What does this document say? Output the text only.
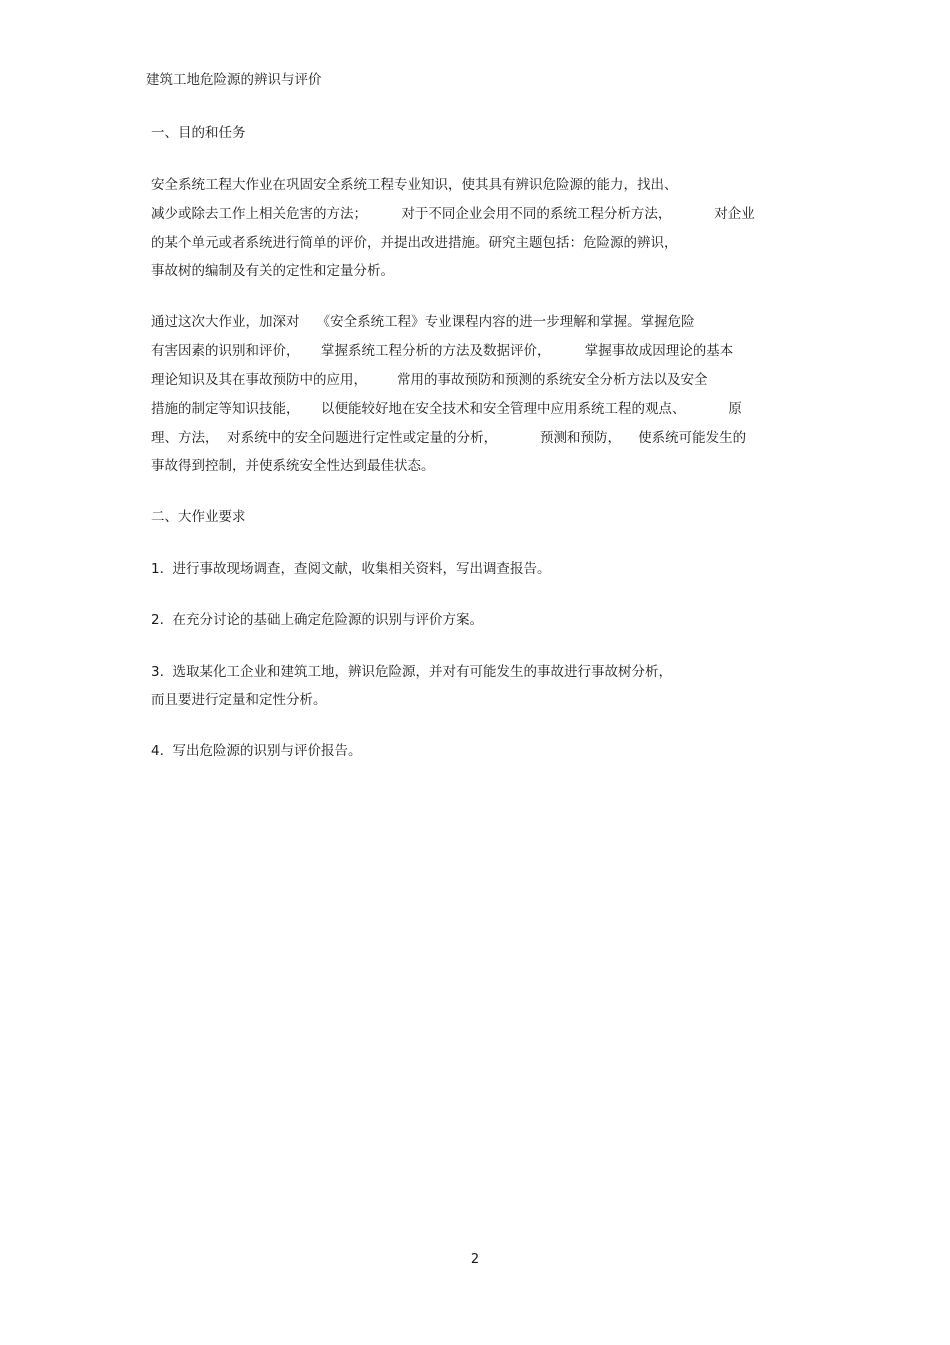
建筑工地危险源的辨识与评价
一、目的和任务
安全系统工程大作业在巩固安全系统工程专业知识，使其具有辨识危险源的能力，找出、
减少或除去工作上相关危害的方法；        对于不同企业会用不同的系统工程分析方法，          对企业
的某个单元或者系统进行简单的评价，并提出改进措施。研究主题包括：危险源的辨识，
事故树的编制及有关的定性和定量分析。
通过这次大作业，加深对    《安全系统工程》专业课程内容的进一步理解和掌握。掌握危险
有害因素的识别和评价，     掌握系统工程分析的方法及数据评价，        掌握事故成因理论的基本
理论知识及其在事故预防中的应用，       常用的事故预防和预测的系统安全分析方法以及安全
措施的制定等知识技能，     以便能较好地在安全技术和安全管理中应用系统工程的观点、          原
理、方法，  对系统中的安全问题进行定性或定量的分析，          预测和预防，    使系统可能发生的
事故得到控制，并使系统安全性达到最佳状态。
二、大作业要求
1.  进行事故现场调查，查阅文献，收集相关资料，写出调查报告。
2.  在充分讨论的基础上确定危险源的识别与评价方案。
3.  选取某化工企业和建筑工地，辨识危险源，并对有可能发生的事故进行事故树分析，
而且要进行定量和定性分析。
4.  写出危险源的识别与评价报告。
2
